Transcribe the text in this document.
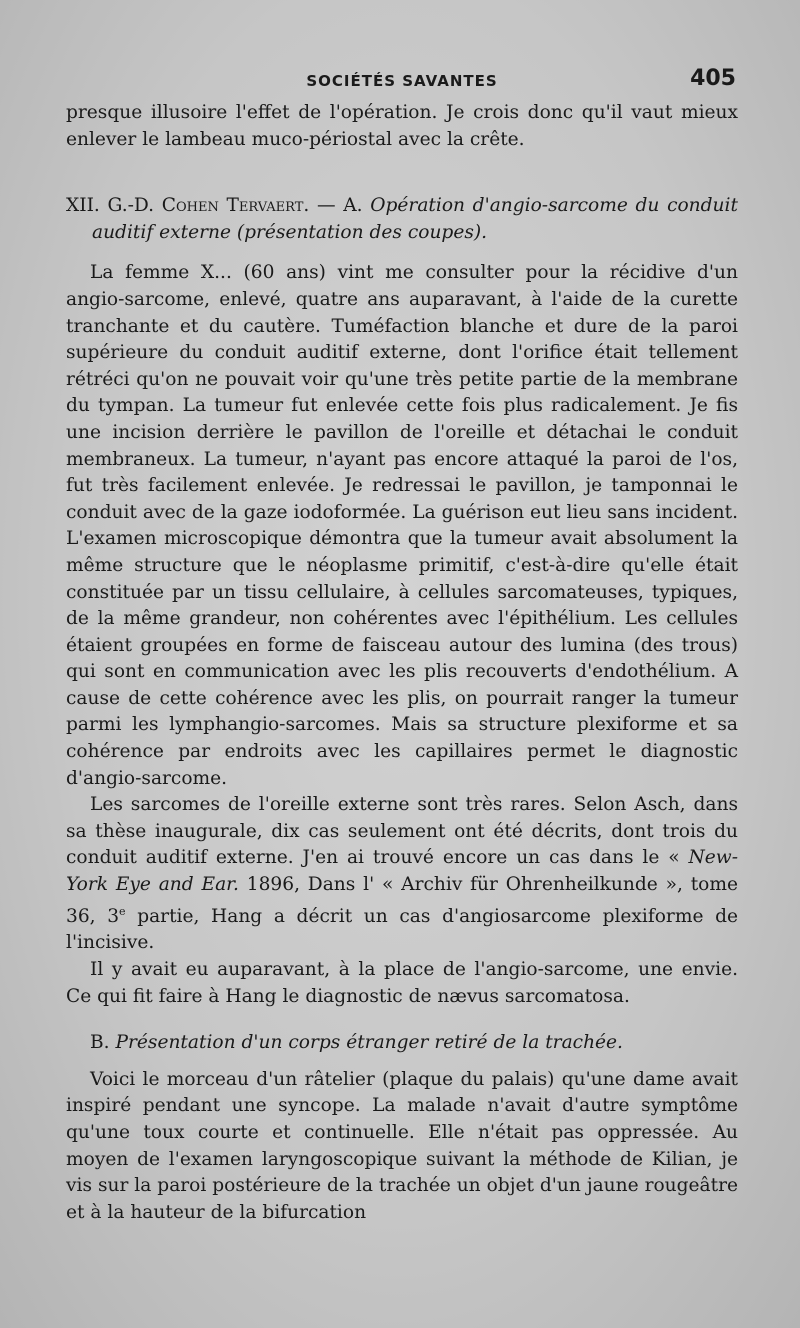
SOCIÉTÉS SAVANTES	405

presque illusoire l'effet de l'opération. Je crois donc qu'il vaut mieux enlever le lambeau muco-périostal avec la crête.

XII. G.-D. Cohen Tervaert. — A. Opération d'angio-sarcome du conduit auditif externe (présentation des coupes).

La femme X... (60 ans) vint me consulter pour la récidive d'un angio-sarcome, enlevé, quatre ans auparavant, à l'aide de la curette tranchante et du cautère. Tuméfaction blanche et dure de la paroi supérieure du conduit auditif externe, dont l'orifice était tellement rétréci qu'on ne pouvait voir qu'une très petite partie de la membrane du tympan. La tumeur fut enlevée cette fois plus radicalement. Je fis une incision derrière le pavillon de l'oreille et détachai le conduit membraneux. La tumeur, n'ayant pas encore attaqué la paroi de l'os, fut très facilement enlevée. Je redressai le pavillon, je tamponnai le conduit avec de la gaze iodoformée. La guérison eut lieu sans incident. L'examen microscopique démontra que la tumeur avait absolument la même structure que le néoplasme primitif, c'est-à-dire qu'elle était constituée par un tissu cellulaire, à cellules sarcomateuses, typiques, de la même grandeur, non cohérentes avec l'épithélium. Les cellules étaient groupées en forme de faisceau autour des lumina (des trous) qui sont en communication avec les plis recouverts d'endothélium. A cause de cette cohérence avec les plis, on pourrait ranger la tumeur parmi les lymphangio-sarcomes. Mais sa structure plexiforme et sa cohérence par endroits avec les capillaires permet le diagnostic d'angio-sarcome.

Les sarcomes de l'oreille externe sont très rares. Selon Asch, dans sa thèse inaugurale, dix cas seulement ont été décrits, dont trois du conduit auditif externe. J'en ai trouvé encore un cas dans le « New-York Eye and Ear. 1896, Dans l' « Archiv für Ohrenheilkunde », tome 36, 3e partie, Hang a décrit un cas d'angiosarcome plexiforme de l'incisive.

Il y avait eu auparavant, à la place de l'angio-sarcome, une envie. Ce qui fit faire à Hang le diagnostic de nævus sarcomatosa.

B. Présentation d'un corps étranger retiré de la trachée.

Voici le morceau d'un râtelier (plaque du palais) qu'une dame avait inspiré pendant une syncope. La malade n'avait d'autre symptôme qu'une toux courte et continuelle. Elle n'était pas oppressée. Au moyen de l'examen laryngoscopique suivant la méthode de Kilian, je vis sur la paroi postérieure de la trachée un objet d'un jaune rougeâtre et à la hauteur de la bifurcation
